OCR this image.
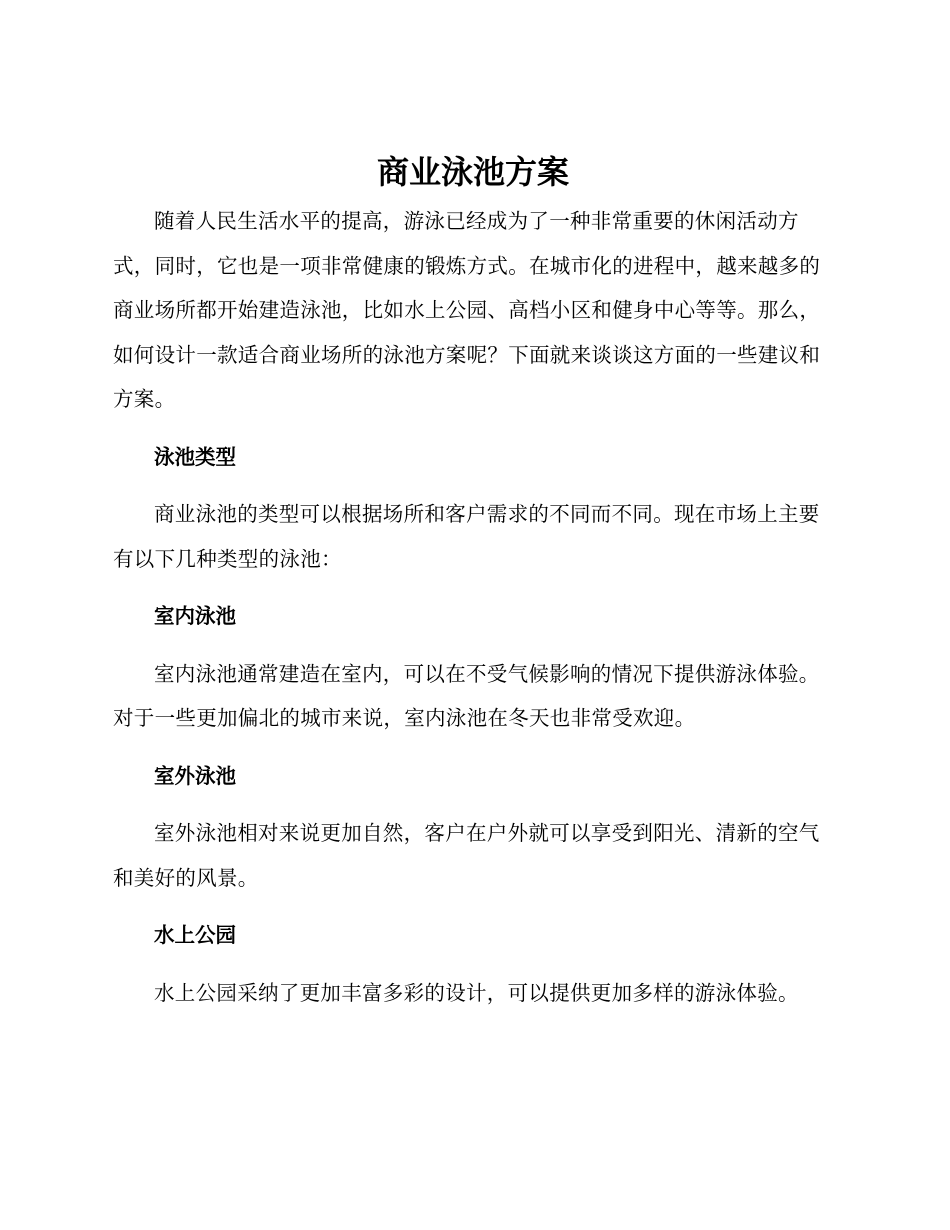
商业泳池方案

随着人民生活水平的提高，游泳已经成为了一种非常重要的休闲活动方式，同时，它也是一项非常健康的锻炼方式。在城市化的进程中，越来越多的商业场所都开始建造泳池，比如水上公园、高档小区和健身中心等等。那么，如何设计一款适合商业场所的泳池方案呢？下面就来谈谈这方面的一些建议和方案。

泳池类型

商业泳池的类型可以根据场所和客户需求的不同而不同。现在市场上主要有以下几种类型的泳池：

室内泳池

室内泳池通常建造在室内，可以在不受气候影响的情况下提供游泳体验。对于一些更加偏北的城市来说，室内泳池在冬天也非常受欢迎。

室外泳池

室外泳池相对来说更加自然，客户在户外就可以享受到阳光、清新的空气和美好的风景。

水上公园

水上公园采纳了更加丰富多彩的设计，可以提供更加多样的游泳体验。
